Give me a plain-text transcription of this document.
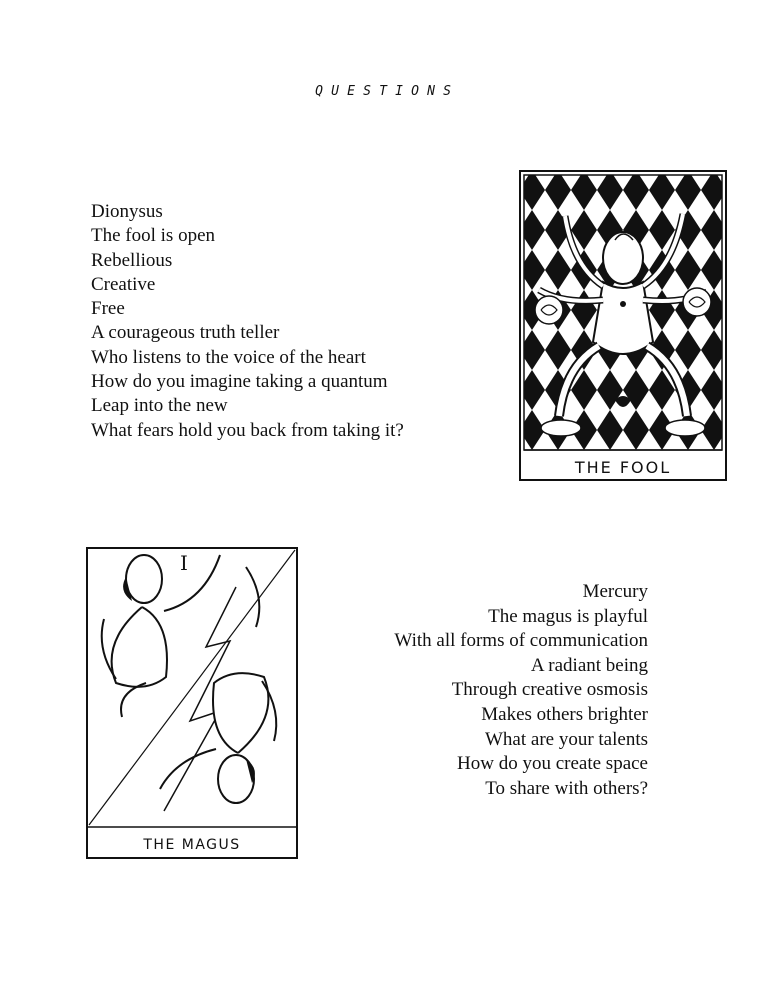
Q U E S T I O N S
Dionysus
The fool is open
Rebellious
Creative
Free
A courageous truth teller
Who listens to the voice of the heart
How do you imagine taking a quantum
Leap into the new
What fears hold you back from taking it?
THE FOOL
I
THE MAGUS
Mercury
The magus is playful
With all forms of communication
A radiant being
Through creative osmosis
Makes others brighter
What are your talents
How do you create space
To share with others?
